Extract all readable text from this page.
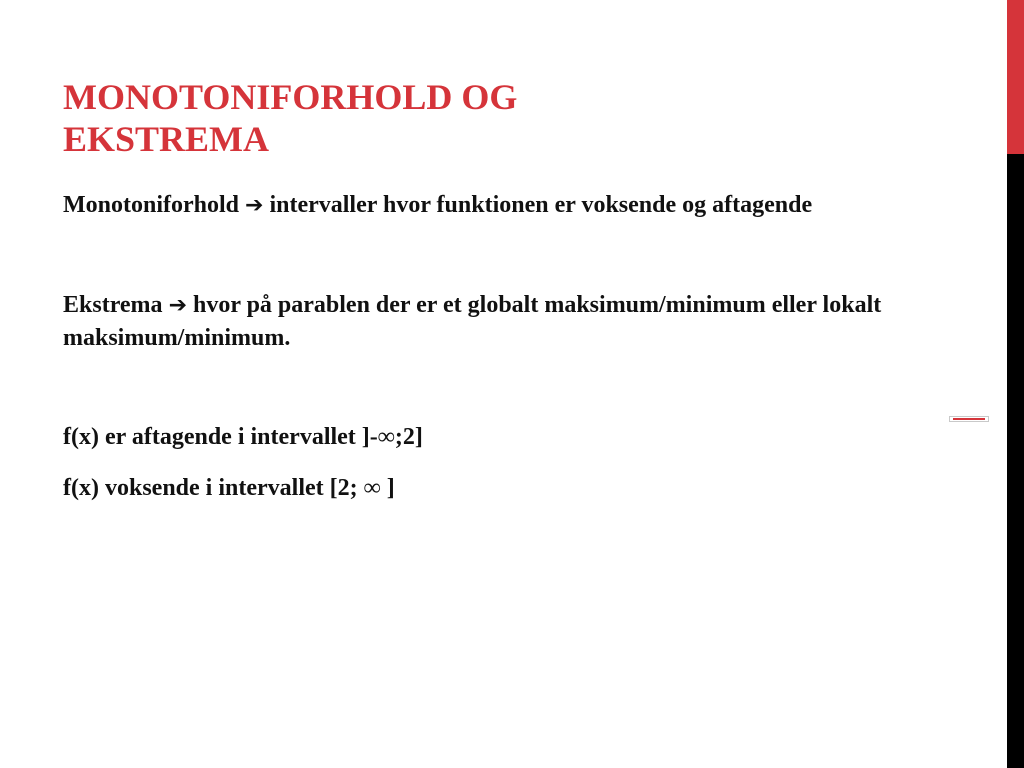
MONOTONIFORHOLD OG
EKSTREMA

Monotoniforhold ➔ intervaller hvor funktionen er voksende og aftagende

Ekstrema ➔ hvor på parablen der er et globalt maksimum/minimum eller lokalt maksimum/minimum.

f(x) er aftagende i intervallet ]-∞;2]

f(x) voksende i intervallet [2; ∞ ]
